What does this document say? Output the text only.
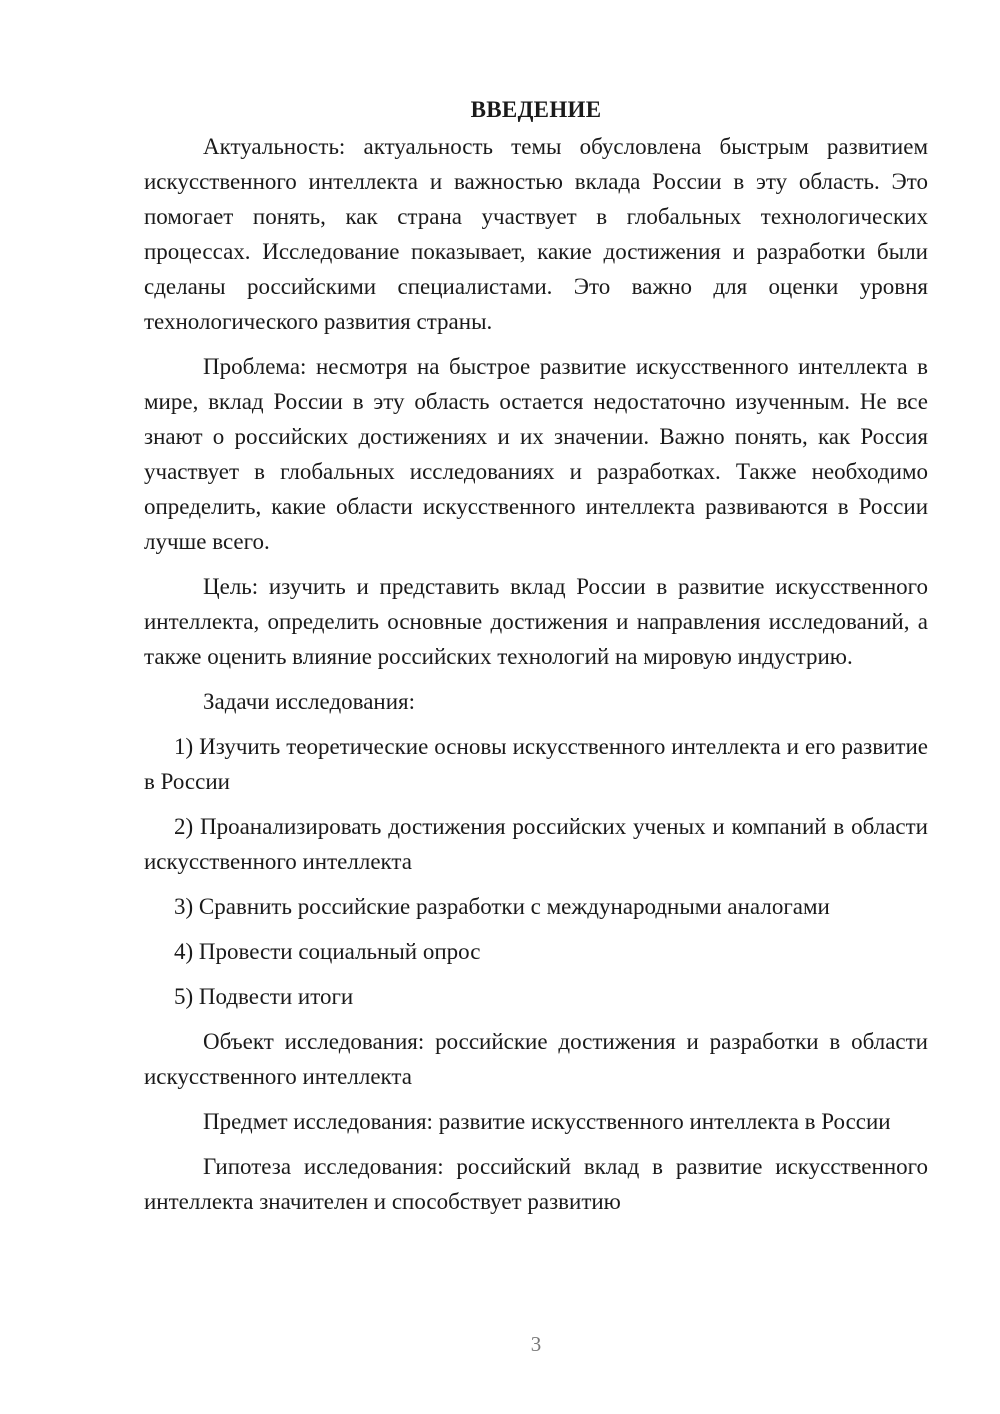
ВВЕДЕНИЕ

Актуальность: актуальность темы обусловлена быстрым развитием искусственного интеллекта и важностью вклада России в эту область. Это помогает понять, как страна участвует в глобальных технологических процессах. Исследование показывает, какие достижения и разработки были сделаны российскими специалистами. Это важно для оценки уровня технологического развития страны.

Проблема: несмотря на быстрое развитие искусственного интеллекта в мире, вклад России в эту область остается недостаточно изученным. Не все знают о российских достижениях и их значении. Важно понять, как Россия участвует в глобальных исследованиях и разработках. Также необходимо определить, какие области искусственного интеллекта развиваются в России лучше всего.

Цель: изучить и представить вклад России в развитие искусственного интеллекта, определить основные достижения и направления исследований, а также оценить влияние российских технологий на мировую индустрию.

Задачи исследования:

1) Изучить теоретические основы искусственного интеллекта и его развитие в России

2) Проанализировать достижения российских ученых и компаний в области искусственного интеллекта

3) Сравнить российские разработки с международными аналогами

4) Провести социальный опрос

5) Подвести итоги

Объект исследования: российские достижения и разработки в области искусственного интеллекта

Предмет исследования: развитие искусственного интеллекта в России

Гипотеза исследования: российский вклад в развитие искусственного интеллекта значителен и способствует развитию

3
